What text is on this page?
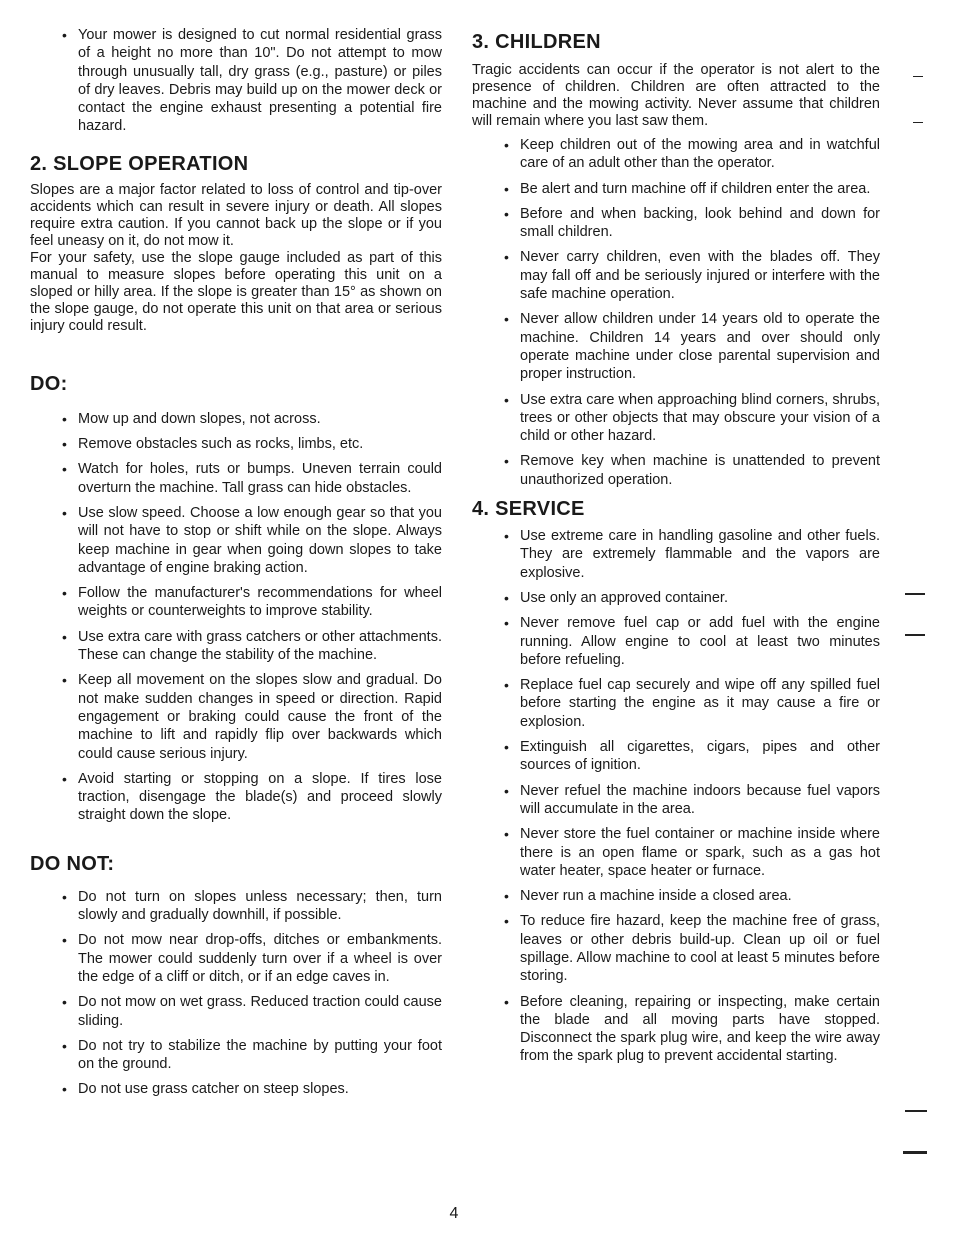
• Your mower is designed to cut normal residential grass of a height no more than 10". Do not attempt to mow through unusually tall, dry grass (e.g., pasture) or piles of dry leaves. Debris may build up on the mower deck or contact the engine exhaust presenting a potential fire hazard.
2. SLOPE OPERATION

Slopes are a major factor related to loss of control and tip-over accidents which can result in severe injury or death. All slopes require extra caution. If you cannot back up the slope or if you feel uneasy on it, do not mow it.

For your safety, use the slope gauge included as part of this manual to measure slopes before operating this unit on a sloped or hilly area. If the slope is greater than 15° as shown on the slope gauge, do not operate this unit on that area or serious injury could result.

DO:
• Mow up and down slopes, not across.
• Remove obstacles such as rocks, limbs, etc.
• Watch for holes, ruts or bumps. Uneven terrain could overturn the machine. Tall grass can hide obstacles.
• Use slow speed. Choose a low enough gear so that you will not have to stop or shift while on the slope. Always keep machine in gear when going down slopes to take advantage of engine braking action.
• Follow the manufacturer's recommendations for wheel weights or counterweights to improve stability.
• Use extra care with grass catchers or other attachments. These can change the stability of the machine.
• Keep all movement on the slopes slow and gradual. Do not make sudden changes in speed or direction. Rapid engagement or braking could cause the front of the machine to lift and rapidly flip over backwards which could cause serious injury.
• Avoid starting or stopping on a slope. If tires lose traction, disengage the blade(s) and proceed slowly straight down the slope.
DO NOT:
• Do not turn on slopes unless necessary; then, turn slowly and gradually downhill, if possible.
• Do not mow near drop-offs, ditches or embankments. The mower could suddenly turn over if a wheel is over the edge of a cliff or ditch, or if an edge caves in.
• Do not mow on wet grass. Reduced traction could cause sliding.
• Do not try to stabilize the machine by putting your foot on the ground.
• Do not use grass catcher on steep slopes.
3. CHILDREN

Tragic accidents can occur if the operator is not alert to the presence of children. Children are often attracted to the machine and the mowing activity. Never assume that children will remain where you last saw them.

• Keep children out of the mowing area and in watchful care of an adult other than the operator.
• Be alert and turn machine off if children enter the area.
• Before and when backing, look behind and down for small children.
• Never carry children, even with the blades off. They may fall off and be seriously injured or interfere with the safe machine operation.
• Never allow children under 14 years old to operate the machine. Children 14 years and over should only operate machine under close parental supervision and proper instruction.
• Use extra care when approaching blind corners, shrubs, trees or other objects that may obscure your vision of a child or other hazard.
• Remove key when machine is unattended to prevent unauthorized operation.
4. SERVICE
• Use extreme care in handling gasoline and other fuels. They are extremely flammable and the vapors are explosive.
• Use only an approved container.
• Never remove fuel cap or add fuel with the engine running. Allow engine to cool at least two minutes before refueling.
• Replace fuel cap securely and wipe off any spilled fuel before starting the engine as it may cause a fire or explosion.
• Extinguish all cigarettes, cigars, pipes and other sources of ignition.
• Never refuel the machine indoors because fuel vapors will accumulate in the area.
• Never store the fuel container or machine inside where there is an open flame or spark, such as a gas hot water heater, space heater or furnace.
• Never run a machine inside a closed area.
• To reduce fire hazard, keep the machine free of grass, leaves or other debris build-up. Clean up oil or fuel spillage. Allow machine to cool at least 5 minutes before storing.
• Before cleaning, repairing or inspecting, make certain the blade and all moving parts have stopped. Disconnect the spark plug wire, and keep the wire away from the spark plug to prevent accidental starting.
4
